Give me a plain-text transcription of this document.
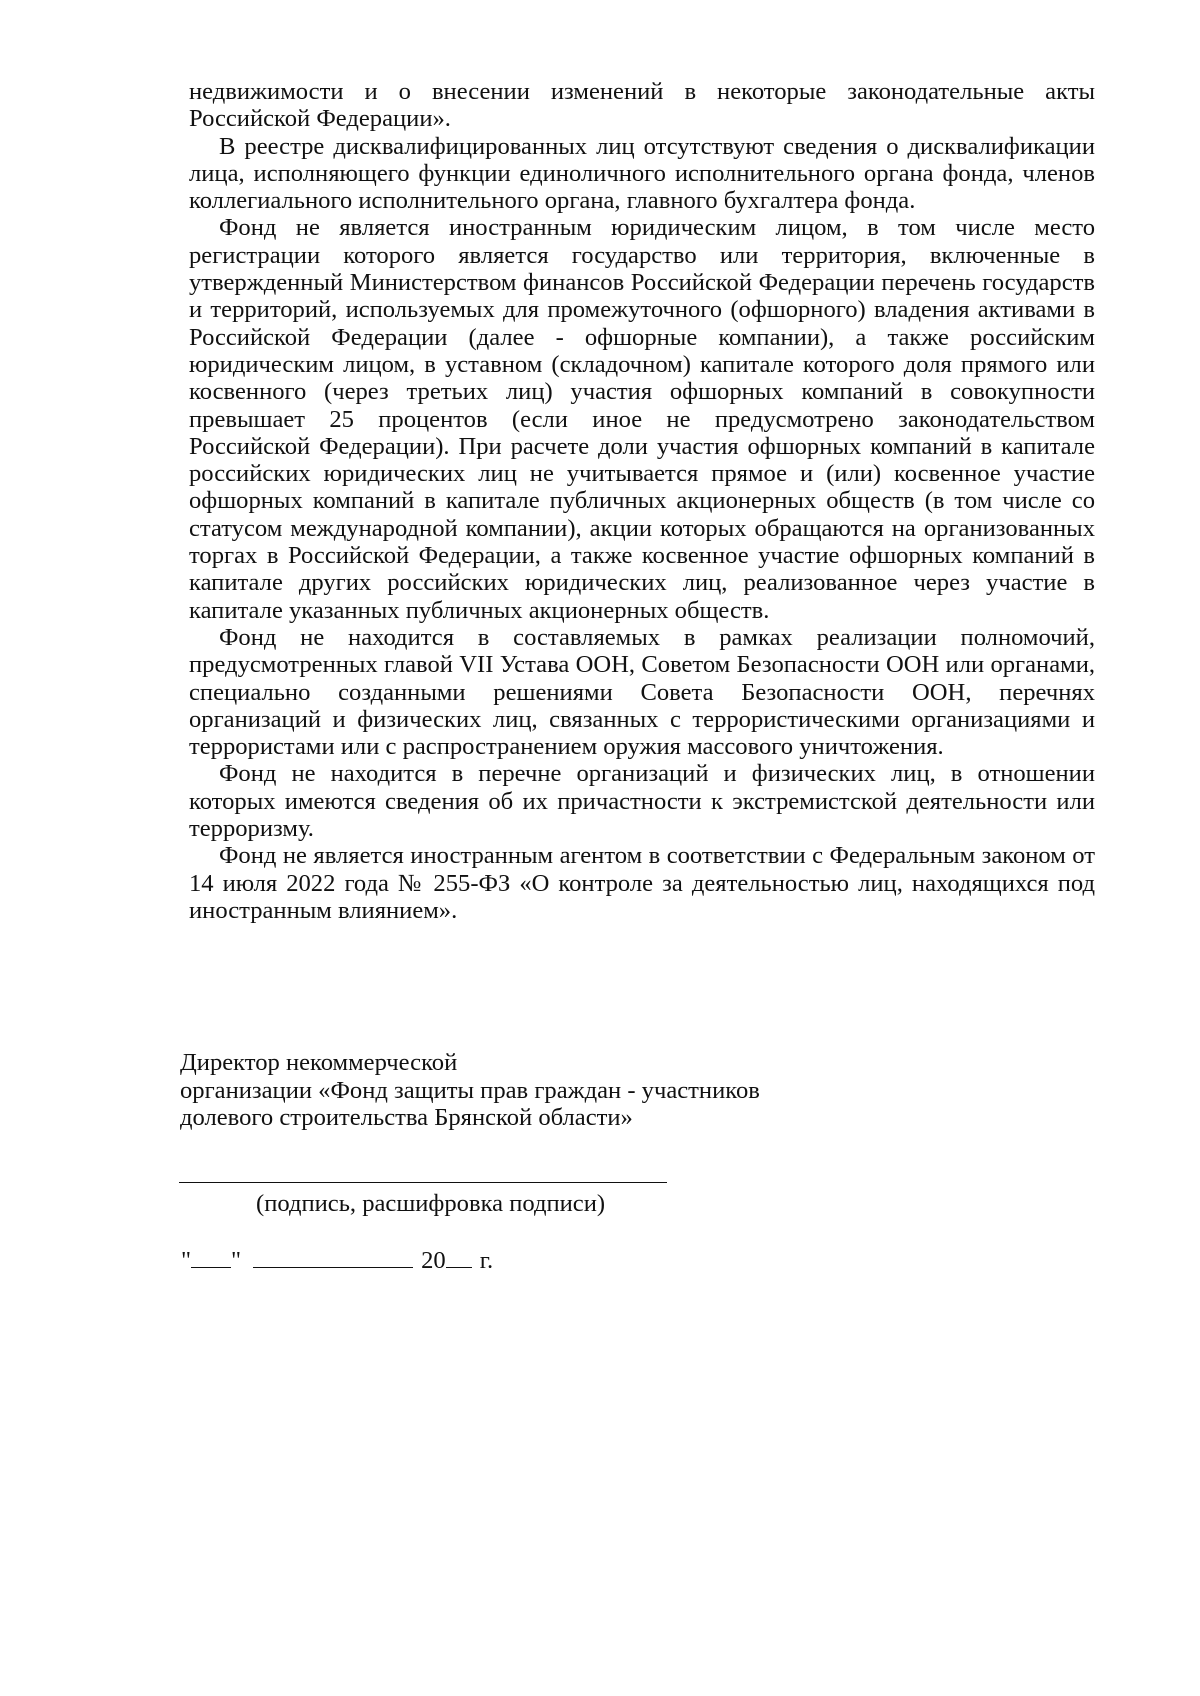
недвижимости и о внесении изменений в некоторые законодательные акты Российской Федерации».

В реестре дисквалифицированных лиц отсутствуют сведения о дисквалификации лица, исполняющего функции единоличного исполнительного органа фонда, членов коллегиального исполнительного органа, главного бухгалтера фонда.

Фонд не является иностранным юридическим лицом, в том числе место регистрации которого является государство или территория, включенные в утвержденный Министерством финансов Российской Федерации перечень государств и территорий, используемых для промежуточного (офшорного) владения активами в Российской Федерации (далее - офшорные компании), а также российским юридическим лицом, в уставном (складочном) капитале которого доля прямого или косвенного (через третьих лиц) участия офшорных компаний в совокупности превышает 25 процентов (если иное не предусмотрено законодательством Российской Федерации). При расчете доли участия офшорных компаний в капитале российских юридических лиц не учитывается прямое и (или) косвенное участие офшорных компаний в капитале публичных акционерных обществ (в том числе со статусом международной компании), акции которых обращаются на организованных торгах в Российской Федерации, а также косвенное участие офшорных компаний в капитале других российских юридических лиц, реализованное через участие в капитале указанных публичных акционерных обществ.

Фонд не находится в составляемых в рамках реализации полномочий, предусмотренных главой VII Устава ООН, Советом Безопасности ООН или органами, специально созданными решениями Совета Безопасности ООН, перечнях организаций и физических лиц, связанных с террористическими организациями и террористами или с распространением оружия массового уничтожения.

Фонд не находится в перечне организаций и физических лиц, в отношении которых имеются сведения об их причастности к экстремистской деятельности или терроризму.

Фонд не является иностранным агентом в соответствии с Федеральным законом от 14 июля 2022 года № 255-ФЗ «О контроле за деятельностью лиц, находящихся под иностранным влиянием».

Директор некоммерческой
организации «Фонд защиты прав граждан - участников
долевого строительства Брянской области»
(подпись, расшифровка подписи)
" "	20 г.
